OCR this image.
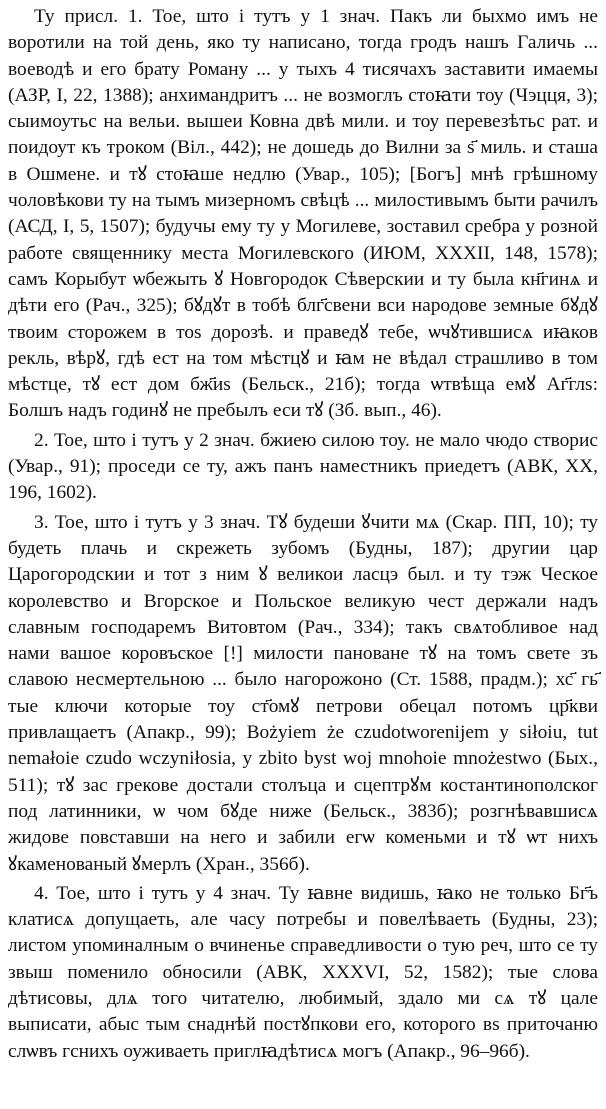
Ту присл. 1. Тое, што і тутъ у 1 знач. Пакъ ли быхмо имъ не воротили на той день, яко ту написано, тогда гродъ нашъ Галичь ... воеводѣ и его брату Роману ... у тыхъ 4 тисячахъ заставити имаемы (АЗР, I, 22, 1388); анхимандритъ ... не возмоглъ стоꙗти тоу (Чэцця, 3); сыимоутьс на вельи. вышеи Ковна двѣ мили. и тоу перевезѣтьс рат. и поидоут къ троком (Віл., 442); не дошедь до Вилни за ѕ҃ миль. и сташа в Ошмене. и тꙋ стоꙗше недлю (Увар., 105); [Богъ] мнѣ грѣшному чоловѣкови ту на тымъ мизерномъ свѣцѣ ... милостивымъ быти рачилъ (АСД, I, 5, 1507); будучы ему ту у Могилеве, зоставил сребра у розной работе священнику места Могилевского (ИЮМ, XXXII, 148, 1578); самъ Корыбут ѡбежыть ꙋ Новгородок Сѣверскии и ту была кн҃гинѧ и дѣти его (Рач., 325); бꙋдꙋт в тобѣ блг҃свени вси народове земные бꙋдꙋ твоим сторожем в тоѕ дорозѣ. и праведꙋ тебе, ѡчꙋтившисѧ иꙗков рекль, вѣрꙋ, гдѣ ест на том мѣстцꙋ и ꙗм не вѣдал страшливо в том мѣстце, тꙋ ест дом бж҃иѕ (Бельск., 21б); тогда ѡтвѣща емꙋ Аг҃глѕ: Болшъ надъ годинꙋ не пребылъ еси тꙋ (Зб. вып., 46).

2. Тое, што і тутъ у 2 знач. бжиею силою тоу. не мало чюдо створис (Увар., 91); проседи се ту, ажъ панъ наместникъ приедетъ (АВК, XX, 196, 1602).

3. Тое, што і тутъ у 3 знач. Тꙋ будеши ꙋчити мѧ (Скар. ПП, 10); ту будеть плачь и скрежеть зубомъ (Будны, 187); другии цар Царогородскии и тот з ним ꙋ великои ласцэ был. и ту тэж Ческое королевство и Вгорское и Польское великую чест держали надъ славным господаремъ Витовтом (Рач., 334); такъ свѧтобливое над нами вашое коровъское [!] милости пановане тꙋ на томъ свете зъ славою несмертельною ... было нагорожоно (Ст. 1588, прадм.); хс҃ гь҃ тые ключи которые тоу ст҃омꙋ петрови обецал потомъ цр҃кви привлащаетъ (Апакр., 99); Bożyiem że czudotworenijem y siłoiu, tut nemałoie czudo wczyniłosia, y zbito byst woj mnohoie mnożestwo (Бых., 511); тꙋ зас грекове достали столъца и сцептрꙋм костантинополског под латинники, ѡ чом бꙋде ниже (Бельск., 383б); розгнѣвавшисѧ жидове повставши на него и забили егѡ коменьми и тꙋ ѡт нихъ ꙋкаменованый ꙋмерлъ (Хран., 356б).

4. Тое, што і тутъ у 4 знач. Ту ꙗвне видишь, ꙗко не только Бг҃ъ клатисѧ допущаеть, але часу потребы и повелѣваеть (Будны, 23); листом упоминалным о вчиненье справедливости о тую реч, што се ту звыш поменило обносили (АВК, XXXVI, 52, 1582); тые слова дѣтисовы, длѧ того читателю, любимый, здало ми сѧ тꙋ цале выписати, абыс тым снаднѣй постꙋпкови его, которого вѕ приточаню слѡвъ гснихъ оуживаеть приглꙗдѣтисѧ могъ (Апакр., 96–96б).
